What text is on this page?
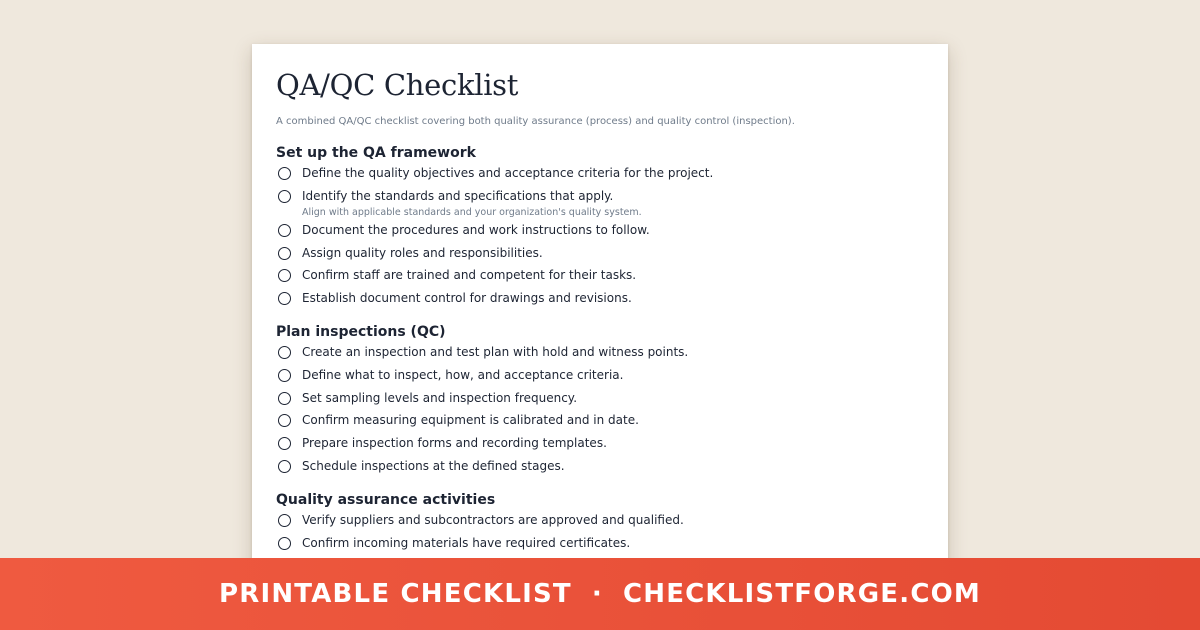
QA/QC Checklist

A combined QA/QC checklist covering both quality assurance (process) and quality control (inspection).

Set up the QA framework
Define the quality objectives and acceptance criteria for the project.
Identify the standards and specifications that apply.
Align with applicable standards and your organization's quality system.
Document the procedures and work instructions to follow.
Assign quality roles and responsibilities.
Confirm staff are trained and competent for their tasks.
Establish document control for drawings and revisions.
Plan inspections (QC)
Create an inspection and test plan with hold and witness points.
Define what to inspect, how, and acceptance criteria.
Set sampling levels and inspection frequency.
Confirm measuring equipment is calibrated and in date.
Prepare inspection forms and recording templates.
Schedule inspections at the defined stages.
Quality assurance activities
Verify suppliers and subcontractors are approved and qualified.
Confirm incoming materials have required certificates.
PRINTABLE CHECKLIST · CHECKLISTFORGE.COM
